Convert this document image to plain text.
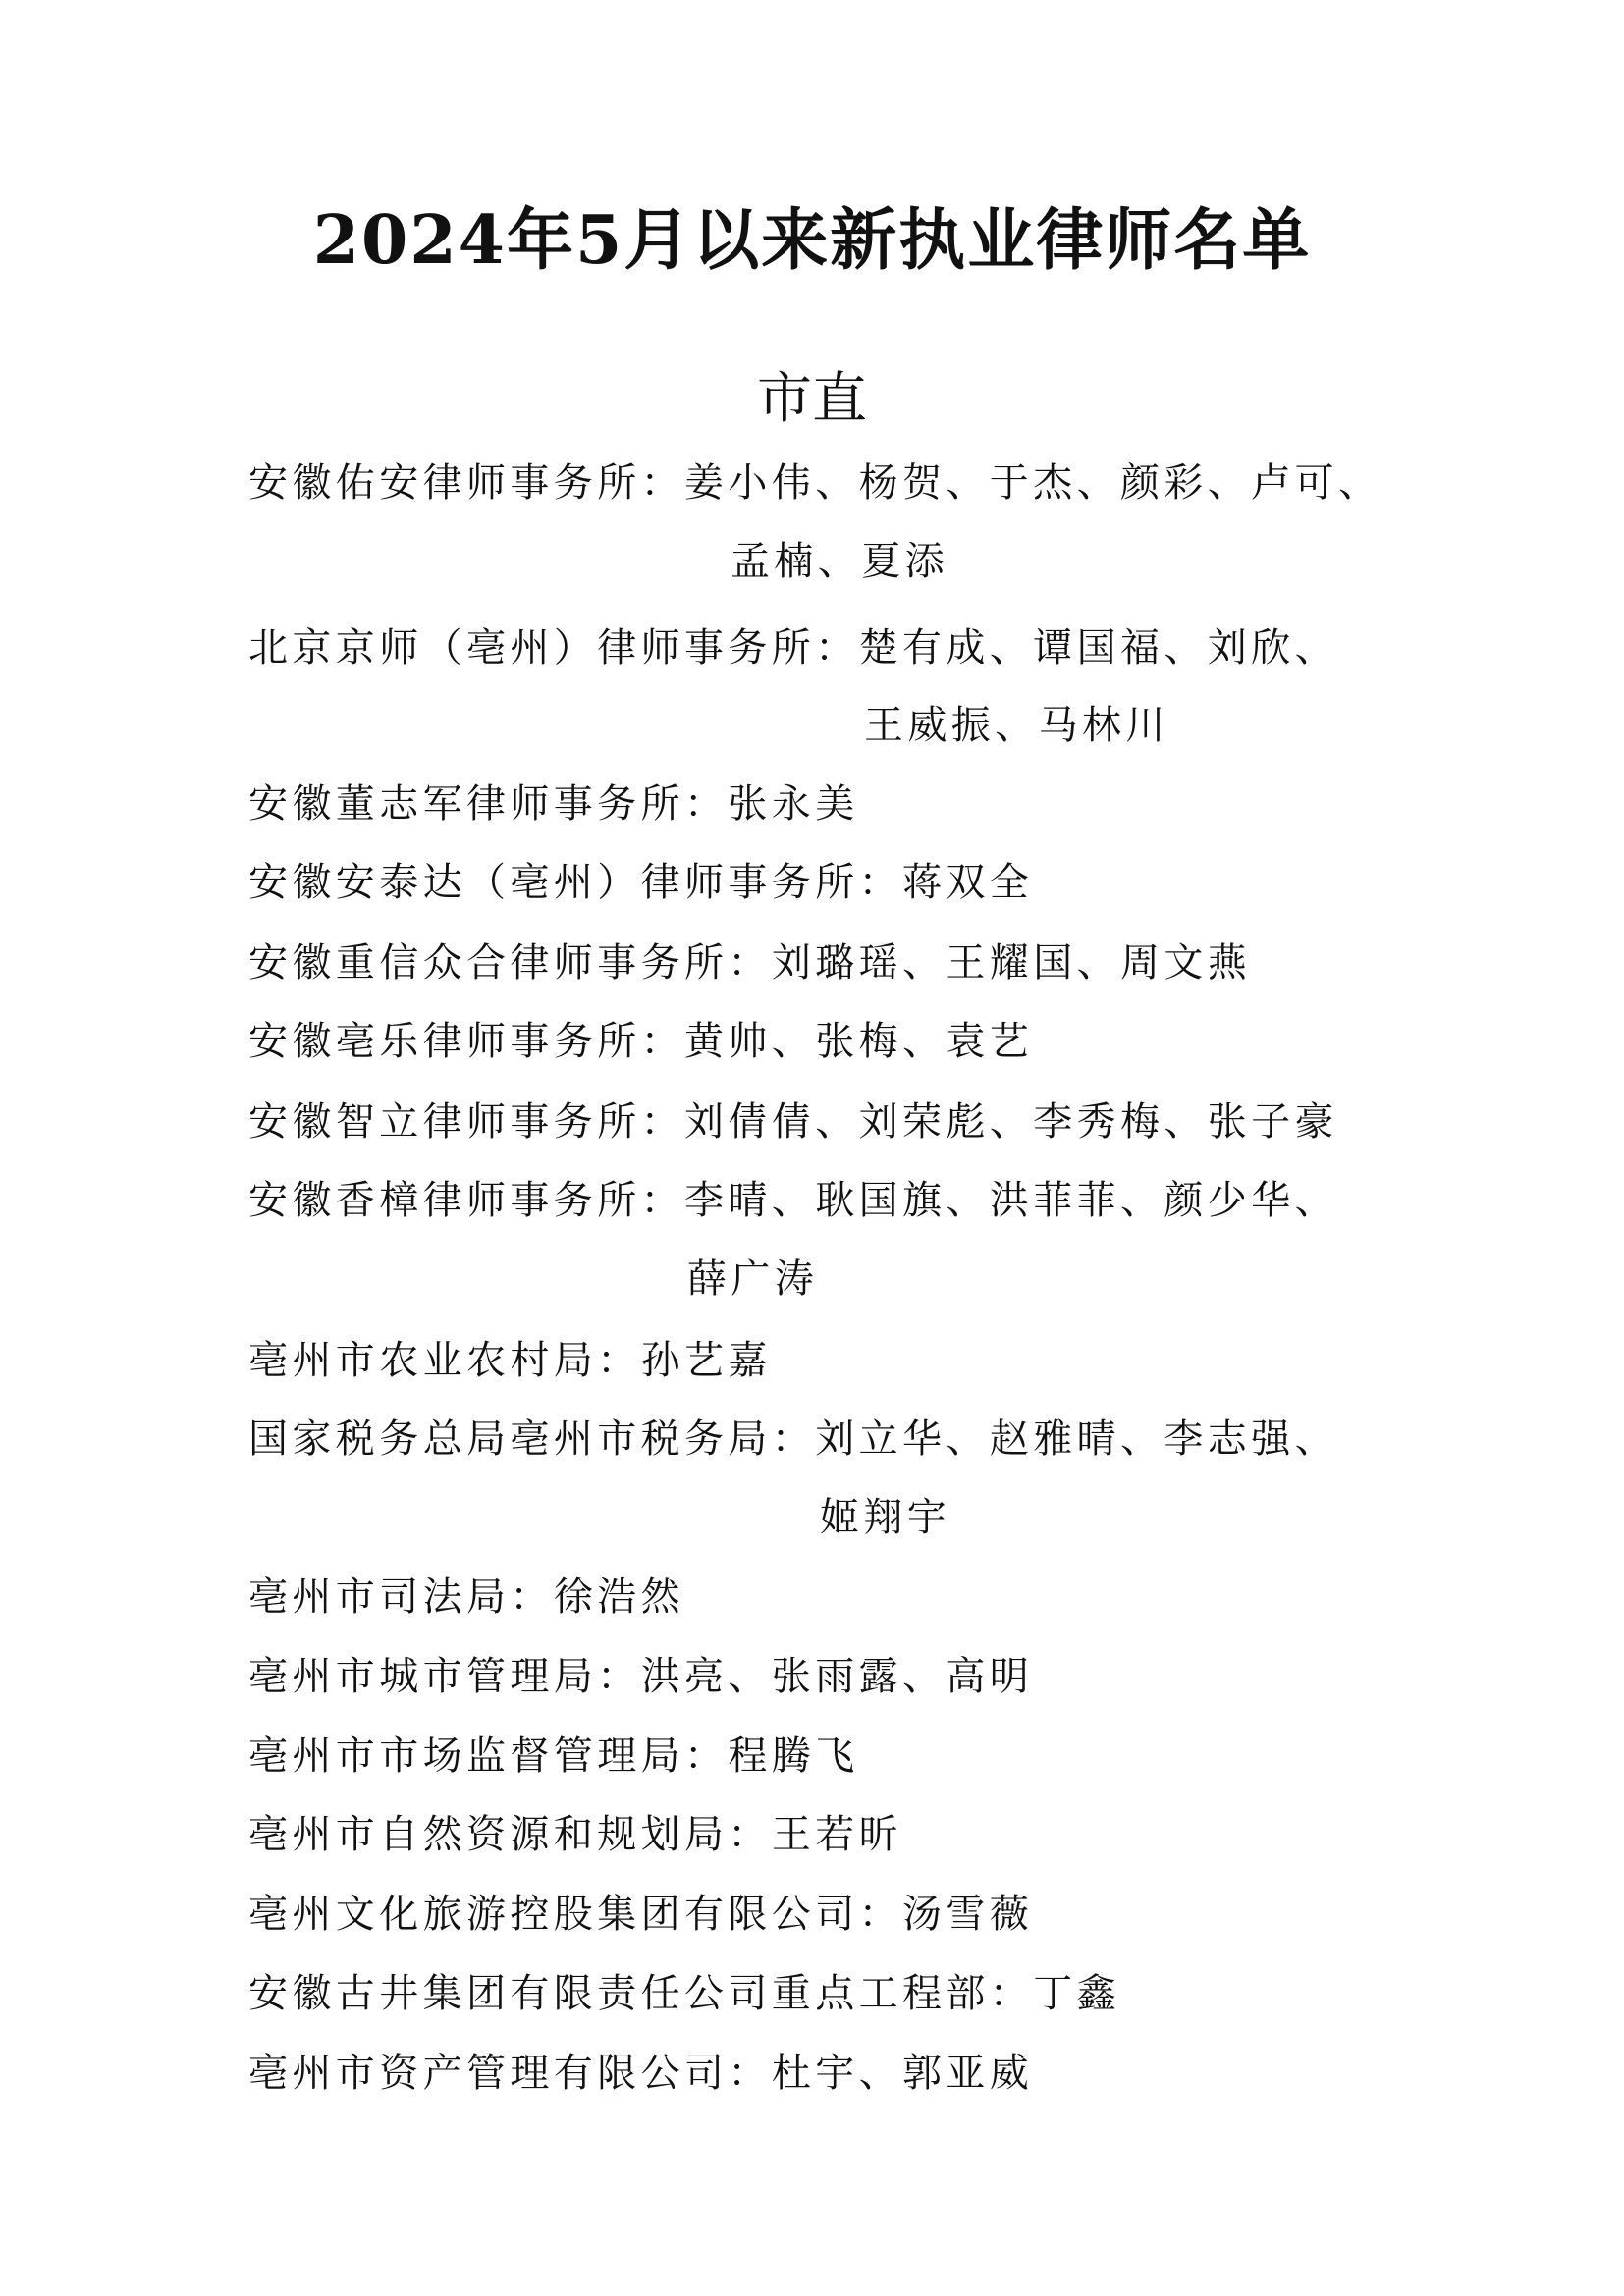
2024年5月以来新执业律师名单
市直
安徽佑安律师事务所：姜小伟、杨贺、于杰、颜彩、卢可、
孟楠、夏添
北京京师（亳州）律师事务所：楚有成、谭国福、刘欣、
王威振、马林川
安徽董志军律师事务所：张永美
安徽安泰达（亳州）律师事务所：蒋双全
安徽重信众合律师事务所：刘璐瑶、王耀国、周文燕
安徽亳乐律师事务所：黄帅、张梅、袁艺
安徽智立律师事务所：刘倩倩、刘荣彪、李秀梅、张子豪
安徽香樟律师事务所：李晴、耿国旗、洪菲菲、颜少华、
薛广涛
亳州市农业农村局：孙艺嘉
国家税务总局亳州市税务局：刘立华、赵雅晴、李志强、
姬翔宇
亳州市司法局：徐浩然
亳州市城市管理局：洪亮、张雨露、高明
亳州市市场监督管理局：程腾飞
亳州市自然资源和规划局：王若昕
亳州文化旅游控股集团有限公司：汤雪薇
安徽古井集团有限责任公司重点工程部：丁鑫
亳州市资产管理有限公司：杜宇、郭亚威
